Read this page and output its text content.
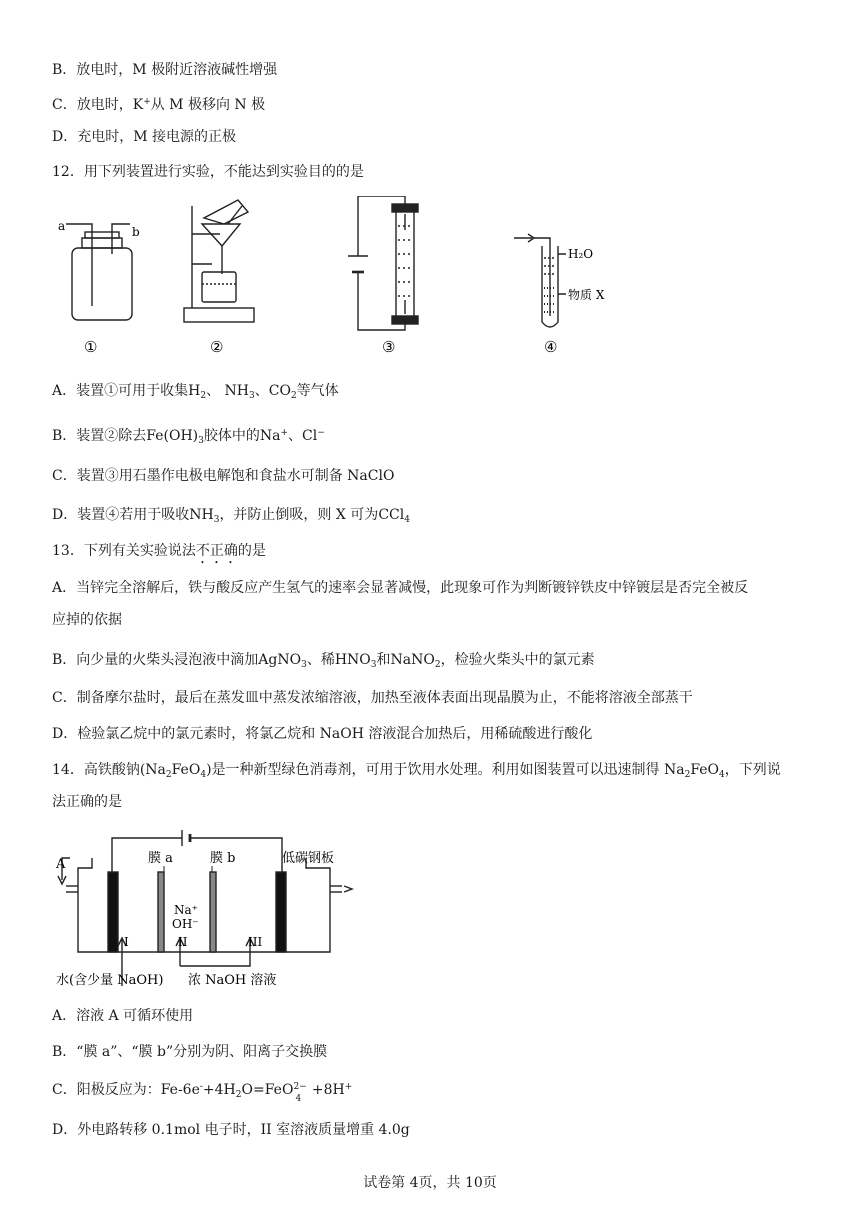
B．放电时，M 极附近溶液碱性增强
C．放电时，K+从 M 极移向 N 极
D．充电时，M 接电源的正极
12．用下列装置进行实验，不能达到实验目的的是
a	b
H₂O
物质 X
①	②	③	④
A．装置①可用于收集$H_2$、 $NH_3$、$CO_2$等气体
B．装置②除去$Fe(OH)_3$胶体中的Na+、Cl−
C．装置③用石墨作电极电解饱和食盐水可制备 NaClO
D．装置④若用于吸收$NH_3$，并防止倒吸，则 X 可为CCl$_4$
13．下列有关实验说法不正确的是
A．当锌完全溶解后，铁与酸反应产生氢气的速率会显著减慢，此现象可作为判断镀锌铁皮中锌镀层是否完全被反
应掉的依据
B．向少量的火柴头浸泡液中滴加AgNO$_3$、稀$HNO_3$和NaNO$_2$，检验火柴头中的氯元素
C．制备摩尔盐时，最后在蒸发皿中蒸发浓缩溶液，加热至液体表面出现晶膜为止，不能将溶液全部蒸干
D．检验氯乙烷中的氯元素时，将氯乙烷和 NaOH 溶液混合加热后，用稀硫酸进行酸化
14．高铁酸钠$(Na_2FeO_4)$是一种新型绿色消毒剂，可用于饮用水处理。利用如图装置可以迅速制得 $Na_2FeO_4$，下列说
法正确的是
A	膜 a	膜 b	低碳钢板
Na⁺
OH⁻
I	II	III
水(含少量 NaOH) 浓 NaOH 溶液
A．溶液 A 可循环使用
B．“膜 a”、“膜 b”分别为阴、阳离子交换膜
C．阳极反应为：$Fe-6e^-+4H_2O=FeO$ 2−
4
+8H+
D．外电路转移 0.1mol 电子时，II 室溶液质量增重 4.0g
试卷第 4页，共 10页
